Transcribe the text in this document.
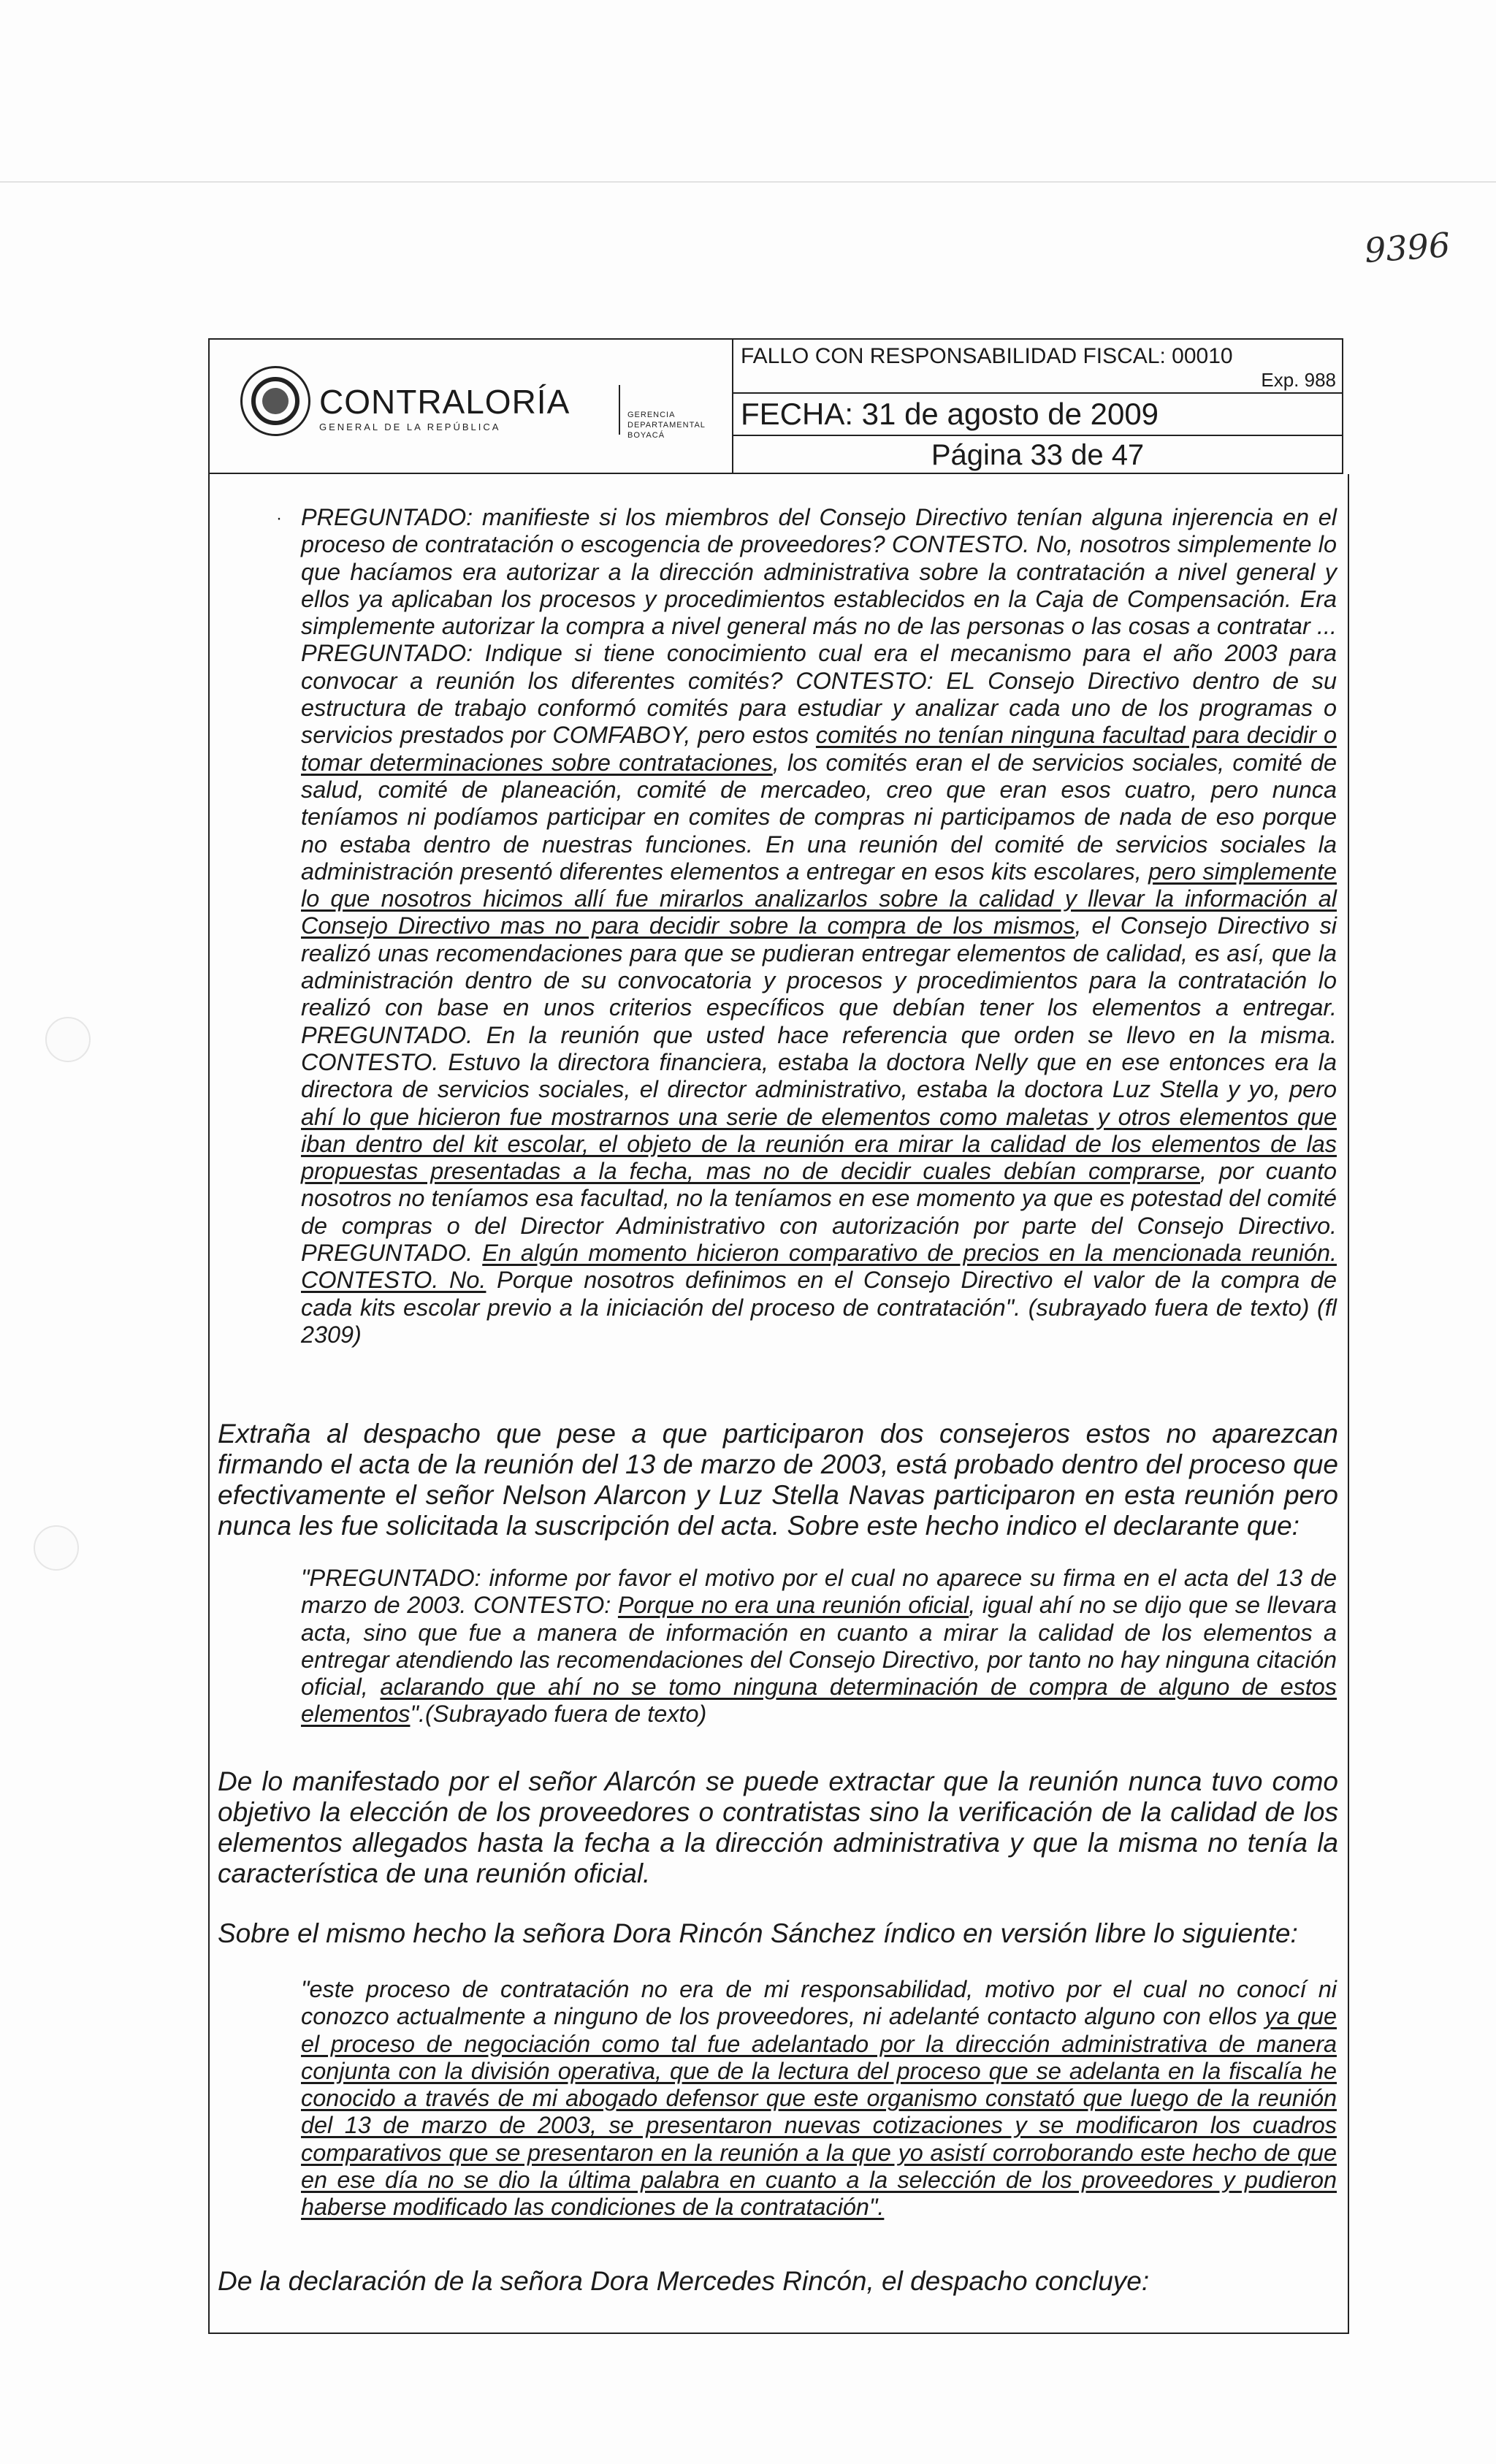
9396
CONTRALORÍA
GENERAL DE LA REPÚBLICA
GERENCIA DEPARTAMENTAL
BOYACÁ
FALLO CON RESPONSABILIDAD FISCAL: 00010
Exp. 988
FECHA: 31 de agosto de 2009
Página 33 de 47
· PREGUNTADO: manifieste si los miembros del Consejo Directivo tenían alguna injerencia en el proceso de contratación o escogencia de proveedores? CONTESTO. No, nosotros simplemente lo que hacíamos era autorizar a la dirección administrativa sobre la contratación a nivel general y ellos ya aplicaban los procesos y procedimientos establecidos en la Caja de Compensación. Era simplemente autorizar la compra a nivel general más no de las personas o las cosas a contratar ... PREGUNTADO: Indique si tiene conocimiento cual era el mecanismo para el año 2003 para convocar a reunión los diferentes comités? CONTESTO: EL Consejo Directivo dentro de su estructura de trabajo conformó comités para estudiar y analizar cada uno de los programas o servicios prestados por COMFABOY, pero estos comités no tenían ninguna facultad para decidir o tomar determinaciones sobre contrataciones, los comités eran el de servicios sociales, comité de salud, comité de planeación, comité de mercadeo, creo que eran esos cuatro, pero nunca teníamos ni podíamos participar en comites de compras ni participamos de nada de eso porque no estaba dentro de nuestras funciones. En una reunión del comité de servicios sociales la administración presentó diferentes elementos a entregar en esos kits escolares, pero simplemente lo que nosotros hicimos allí fue mirarlos analizarlos sobre la calidad y llevar la información al Consejo Directivo mas no para decidir sobre la compra de los mismos, el Consejo Directivo si realizó unas recomendaciones para que se pudieran entregar elementos de calidad, es así, que la administración dentro de su convocatoria y procesos y procedimientos para la contratación lo realizó con base en unos criterios específicos que debían tener los elementos a entregar. PREGUNTADO. En la reunión que usted hace referencia que orden se llevo en la misma. CONTESTO. Estuvo la directora financiera, estaba la doctora Nelly que en ese entonces era la directora de servicios sociales, el director administrativo, estaba la doctora Luz Stella y yo, pero ahí lo que hicieron fue mostrarnos una serie de elementos como maletas y otros elementos que iban dentro del kit escolar, el objeto de la reunión era mirar la calidad de los elementos de las propuestas presentadas a la fecha, mas no de decidir cuales debían comprarse, por cuanto nosotros no teníamos esa facultad, no la teníamos en ese momento ya que es potestad del comité de compras o del Director Administrativo con autorización por parte del Consejo Directivo. PREGUNTADO. En algún momento hicieron comparativo de precios en la mencionada reunión. CONTESTO. No. Porque nosotros definimos en el Consejo Directivo el valor de la compra de cada kits escolar previo a la iniciación del proceso de contratación". (subrayado fuera de texto) (fl 2309)

Extraña al despacho que pese a que participaron dos consejeros estos no aparezcan firmando el acta de la reunión del 13 de marzo de 2003, está probado dentro del proceso que efectivamente el señor Nelson Alarcon y Luz Stella Navas participaron en esta reunión pero nunca les fue solicitada la suscripción del acta. Sobre este hecho indico el declarante que:

"PREGUNTADO: informe por favor el motivo por el cual no aparece su firma en el acta del 13 de marzo de 2003. CONTESTO: Porque no era una reunión oficial, igual ahí no se dijo que se llevara acta, sino que fue a manera de información en cuanto a mirar la calidad de los elementos a entregar atendiendo las recomendaciones del Consejo Directivo, por tanto no hay ninguna citación oficial, aclarando que ahí no se tomo ninguna determinación de compra de alguno de estos elementos".(Subrayado fuera de texto)

De lo manifestado por el señor Alarcón se puede extractar que la reunión nunca tuvo como objetivo la elección de los proveedores o contratistas sino la verificación de la calidad de los elementos allegados hasta la fecha a la dirección administrativa y que la misma no tenía la característica de una reunión oficial.

Sobre el mismo hecho la señora Dora Rincón Sánchez índico en versión libre lo siguiente:

"este proceso de contratación no era de mi responsabilidad, motivo por el cual no conocí ni conozco actualmente a ninguno de los proveedores, ni adelanté contacto alguno con ellos ya que el proceso de negociación como tal fue adelantado por la dirección administrativa de manera conjunta con la división operativa, que de la lectura del proceso que se adelanta en la fiscalía he conocido a través de mi abogado defensor que este organismo constató que luego de la reunión del 13 de marzo de 2003, se presentaron nuevas cotizaciones y se modificaron los cuadros comparativos que se presentaron en la reunión a la que yo asistí corroborando este hecho de que en ese día no se dio la última palabra en cuanto a la selección de los proveedores y pudieron haberse modificado las condiciones de la contratación".

De la declaración de la señora Dora Mercedes Rincón, el despacho concluye:
